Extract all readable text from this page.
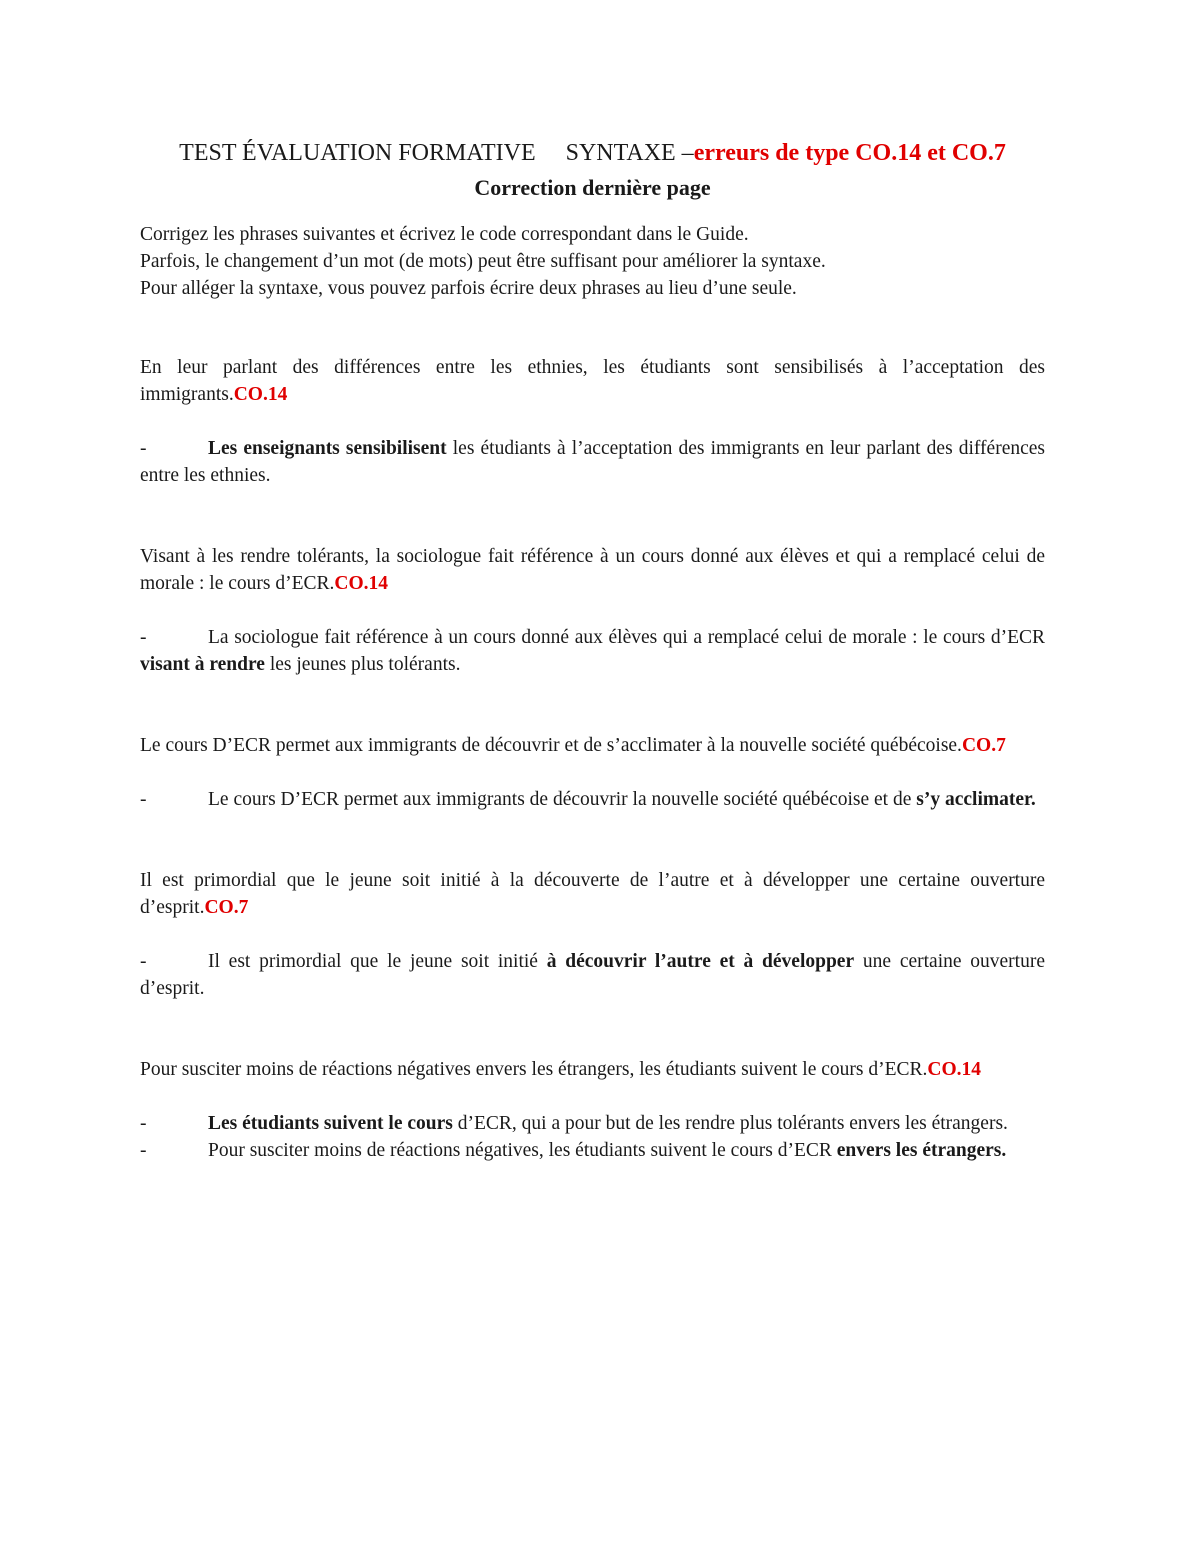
TEST ÉVALUATION FORMATIVE     SYNTAXE –erreurs de type CO.14 et CO.7
Correction dernière page

Corrigez les phrases suivantes et écrivez le code correspondant dans le Guide.

Parfois, le changement d’un mot (de mots) peut être suffisant pour améliorer la syntaxe.

Pour alléger la syntaxe, vous pouvez parfois écrire deux phrases au lieu d’une seule.

En leur parlant des différences entre les ethnies, les étudiants sont sensibilisés à l’acceptation des immigrants.CO.14

-	Les enseignants sensibilisent les étudiants à l’acceptation des immigrants en leur parlant des différences entre les ethnies.

Visant à les rendre tolérants, la sociologue fait référence à un cours donné aux élèves et qui a remplacé celui de morale : le cours d’ECR.CO.14

-	La sociologue fait référence à un cours donné aux élèves qui a remplacé celui de morale : le cours d’ECR visant à rendre les jeunes plus tolérants.

Le cours D’ECR permet aux immigrants de découvrir et de s’acclimater à la nouvelle société québécoise.CO.7

-	Le cours D’ECR permet aux immigrants de découvrir la nouvelle société québécoise et de s’y acclimater.

Il est primordial que le jeune soit initié à la découverte de l’autre et à développer une certaine ouverture d’esprit.CO.7

-	Il est primordial que le jeune soit initié à découvrir l’autre et à développer une certaine ouverture d’esprit.

Pour susciter moins de réactions négatives envers les étrangers, les étudiants suivent le cours d’ECR.CO.14

-	Les étudiants suivent le cours d’ECR, qui a pour but de les rendre plus tolérants envers les étrangers.

-	Pour susciter moins de réactions négatives, les étudiants suivent le cours d’ECR envers les étrangers.
